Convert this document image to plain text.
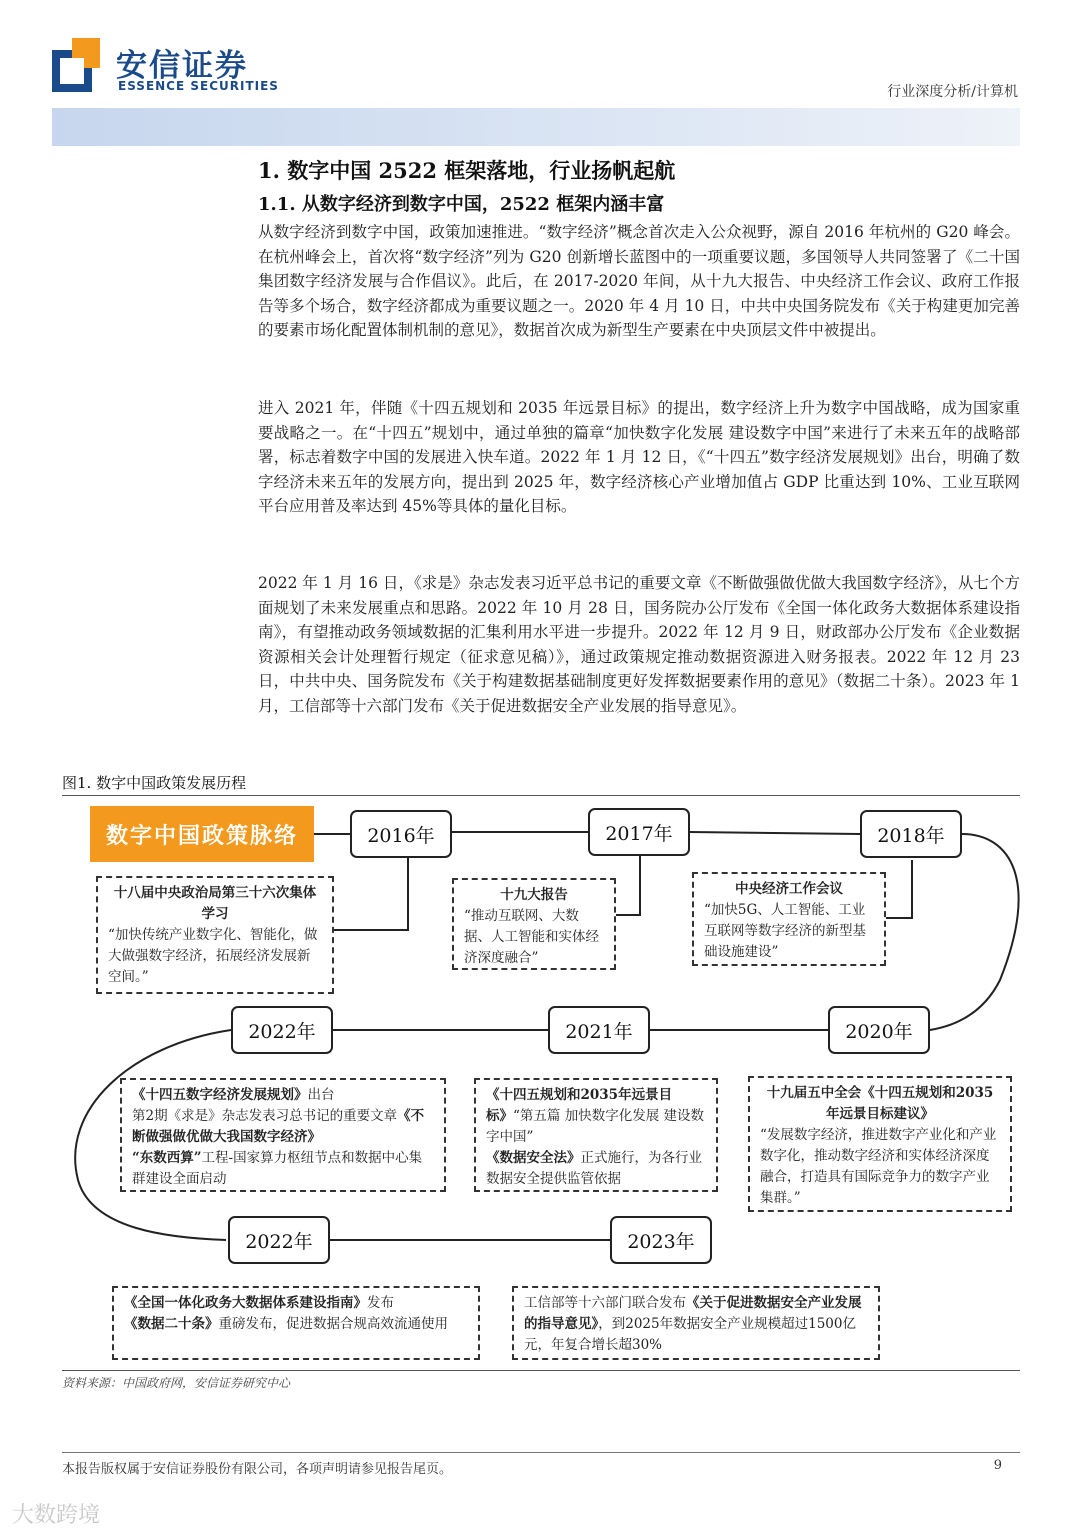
安信证券
ESSENCE SECURITIES	行业深度分析/计算机
1. 数字中国 2522 框架落地，行业扬帆起航
1.1. 从数字经济到数字中国，2522 框架内涵丰富
从数字经济到数字中国，政策加速推进。“数字经济”概念首次走入公众视野，源自 2016 年杭州的 G20 峰会。在杭州峰会上，首次将“数字经济”列为 G20 创新增长蓝图中的一项重要议题，多国领导人共同签署了《二十国集团数字经济发展与合作倡议》。此后，在 2017-2020 年间，从十九大报告、中央经济工作会议、政府工作报告等多个场合，数字经济都成为重要议题之一。2020 年 4 月 10 日，中共中央国务院发布《关于构建更加完善的要素市场化配置体制机制的意见》，数据首次成为新型生产要素在中央顶层文件中被提出。
进入 2021 年，伴随《十四五规划和 2035 年远景目标》的提出，数字经济上升为数字中国战略，成为国家重要战略之一。在“十四五”规划中，通过单独的篇章“加快数字化发展 建设数字中国”来进行了未来五年的战略部署，标志着数字中国的发展进入快车道。2022 年 1 月 12 日，《“十四五”数字经济发展规划》出台，明确了数字经济未来五年的发展方向，提出到 2025 年，数字经济核心产业增加值占 GDP 比重达到 10%、工业互联网平台应用普及率达到 45%等具体的量化目标。
2022 年 1 月 16 日，《求是》杂志发表习近平总书记的重要文章《不断做强做优做大我国数字经济》，从七个方面规划了未来发展重点和思路。2022 年 10 月 28 日，国务院办公厅发布《全国一体化政务大数据体系建设指南》，有望推动政务领域数据的汇集利用水平进一步提升。2022 年 12 月 9 日，财政部办公厅发布《企业数据资源相关会计处理暂行规定（征求意见稿）》，通过政策规定推动数据资源进入财务报表。2022 年 12 月 23 日，中共中央、国务院发布《关于构建数据基础制度更好发挥数据要素作用的意见》（数据二十条）。2023 年 1 月，工信部等十六部门发布《关于促进数据安全产业发展的指导意见》。
图1. 数字中国政策发展历程
数字中国政策脉络	2016年	2017年	2018年
2020年
2021年
2022年
2022年	2023年
十八届中央政治局第三十六次集体学习
“加快传统产业数字化、智能化，做大做强数字经济，拓展经济发展新空间。”
十九大报告
“推动互联网、大数据、人工智能和实体经济深度融合”
中央经济工作会议
“加快5G、人工智能、工业互联网等数字经济的新型基础设施建设”
十九届五中全会《十四五规划和2035年远景目标建议》
“发展数字经济，推进数字产业化和产业数字化，推动数字经济和实体经济深度融合，打造具有国际竞争力的数字产业集群。”
《十四五规划和2035年远景目标》“第五篇 加快数字化发展 建设数字中国”
《数据安全法》正式施行，为各行业数据安全提供监管依据
《十四五数字经济发展规划》出台
第2期《求是》杂志发表习总书记的重要文章《不断做强做优做大我国数字经济》
“东数西算”工程-国家算力枢纽节点和数据中心集群建设全面启动
《全国一体化政务大数据体系建设指南》发布
《数据二十条》重磅发布，促进数据合规高效流通使用
工信部等十六部门联合发布《关于促进数据安全产业发展的指导意见》，到2025年数据安全产业规模超过1500亿元，年复合增长超30%
资料来源：中国政府网，安信证券研究中心
本报告版权属于安信证券股份有限公司，各项声明请参见报告尾页。	9
大数跨境
